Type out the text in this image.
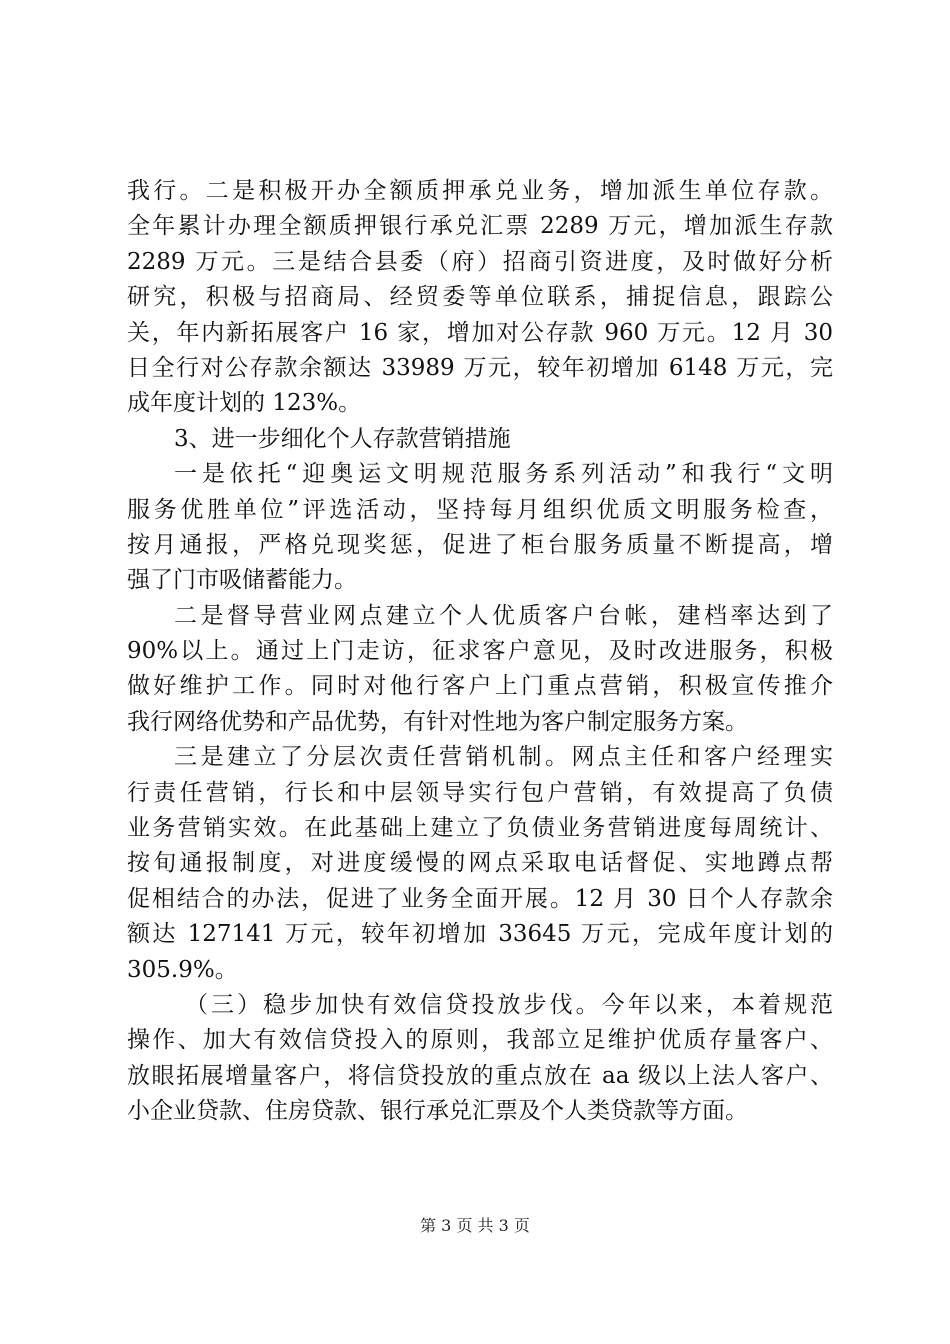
我行。二是积极开办全额质押承兑业务，增加派生单位存款。
全年累计办理全额质押银行承兑汇票 2289 万元，增加派生存款
2289 万元。三是结合县委（府）招商引资进度，及时做好分析
研究，积极与招商局、经贸委等单位联系，捕捉信息，跟踪公
关，年内新拓展客户 16 家，增加对公存款 960 万元。12 月 30
日全行对公存款余额达 33989 万元，较年初增加 6148 万元，完
成年度计划的 123%。
3、进一步细化个人存款营销措施
一是依托“迎奥运文明规范服务系列活动”和我行“文明
服务优胜单位”评选活动，坚持每月组织优质文明服务检查，
按月通报，严格兑现奖惩，促进了柜台服务质量不断提高，增
强了门市吸储蓄能力。
二是督导营业网点建立个人优质客户台帐，建档率达到了
90%以上。通过上门走访，征求客户意见，及时改进服务，积极
做好维护工作。同时对他行客户上门重点营销，积极宣传推介
我行网络优势和产品优势，有针对性地为客户制定服务方案。
三是建立了分层次责任营销机制。网点主任和客户经理实
行责任营销，行长和中层领导实行包户营销，有效提高了负债
业务营销实效。在此基础上建立了负债业务营销进度每周统计、
按旬通报制度，对进度缓慢的网点采取电话督促、实地蹲点帮
促相结合的办法，促进了业务全面开展。12 月 30 日个人存款余
额达 127141 万元，较年初增加 33645 万元，完成年度计划的
305.9%。
（三）稳步加快有效信贷投放步伐。今年以来，本着规范
操作、加大有效信贷投入的原则，我部立足维护优质存量客户、
放眼拓展增量客户，将信贷投放的重点放在 aa 级以上法人客户、
小企业贷款、住房贷款、银行承兑汇票及个人类贷款等方面。
第 3 页 共 3 页
